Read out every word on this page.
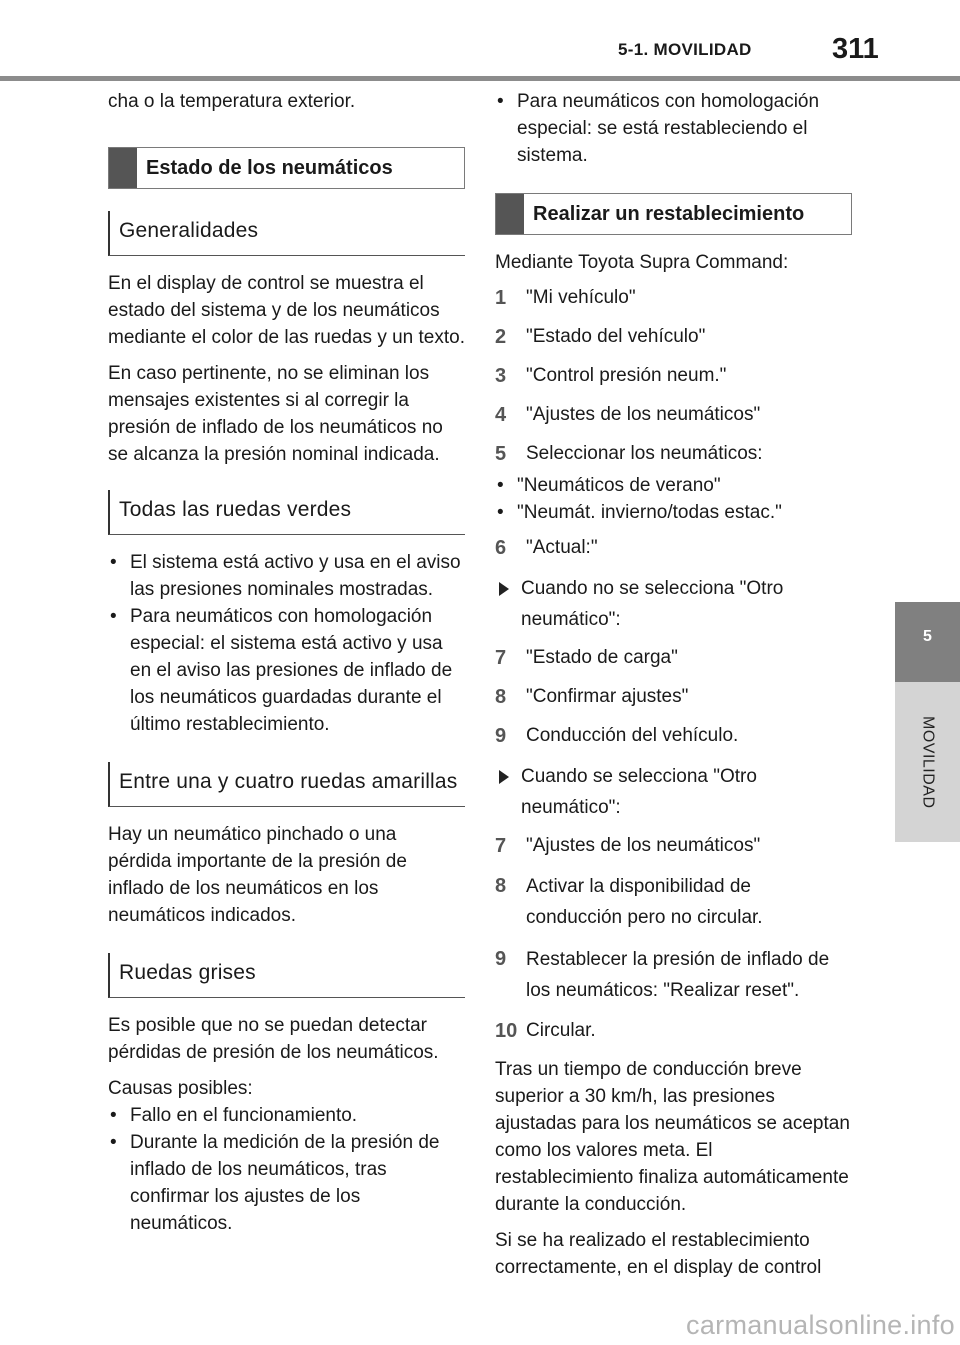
5-1. MOVILIDAD	311
5
MOVILIDAD

cha o la temperatura exterior.

Estado de los neumáticos
Generalidades

En el display de control se muestra el estado del sistema y de los neumáticos mediante el color de las ruedas y un texto.

En caso pertinente, no se eliminan los mensajes existentes si al corregir la presión de inflado de los neumáticos no se alcanza la presión nominal indicada.

Todas las ruedas verdes

• El sistema está activo y usa en el aviso las presiones nominales mostradas.

• Para neumáticos con homologación especial: el sistema está activo y usa en el aviso las presiones de inflado de los neumáticos guardadas durante el último restablecimiento.

Entre una y cuatro ruedas amarillas

Hay un neumático pinchado o una pérdida importante de la presión de inflado de los neumáticos en los neumáticos indicados.

Ruedas grises

Es posible que no se puedan detectar pérdidas de presión de los neumáticos.

Causas posibles:

• Fallo en el funcionamiento.

• Durante la medición de la presión de inflado de los neumáticos, tras confirmar los ajustes de los neumáticos.

• Para neumáticos con homologación especial: se está restableciendo el sistema.

Realizar un restablecimiento

Mediante Toyota Supra Command:

1 "Mi vehículo"
2 "Estado del vehículo"
3 "Control presión neum."
4 "Ajustes de los neumáticos"
5 Seleccionar los neumáticos:

• "Neumáticos de verano"

• "Neumát. invierno/todas estac."

6 "Actual:"
Cuando no se selecciona "Otro neumático":
7 "Estado de carga"
8 "Confirmar ajustes"
9 Conducción del vehículo.
Cuando se selecciona "Otro neumático":
7 "Ajustes de los neumáticos"
8 Activar la disponibilidad de conducción pero no circular.
9 Restablecer la presión de inflado de los neumáticos: "Realizar reset".
10 Circular.

Tras un tiempo de conducción breve superior a 30 km/h, las presiones ajustadas para los neumáticos se aceptan como los valores meta. El restablecimiento finaliza automáticamente durante la conducción.

Si se ha realizado el restablecimiento correctamente, en el display de control

carmanualsonline.info
